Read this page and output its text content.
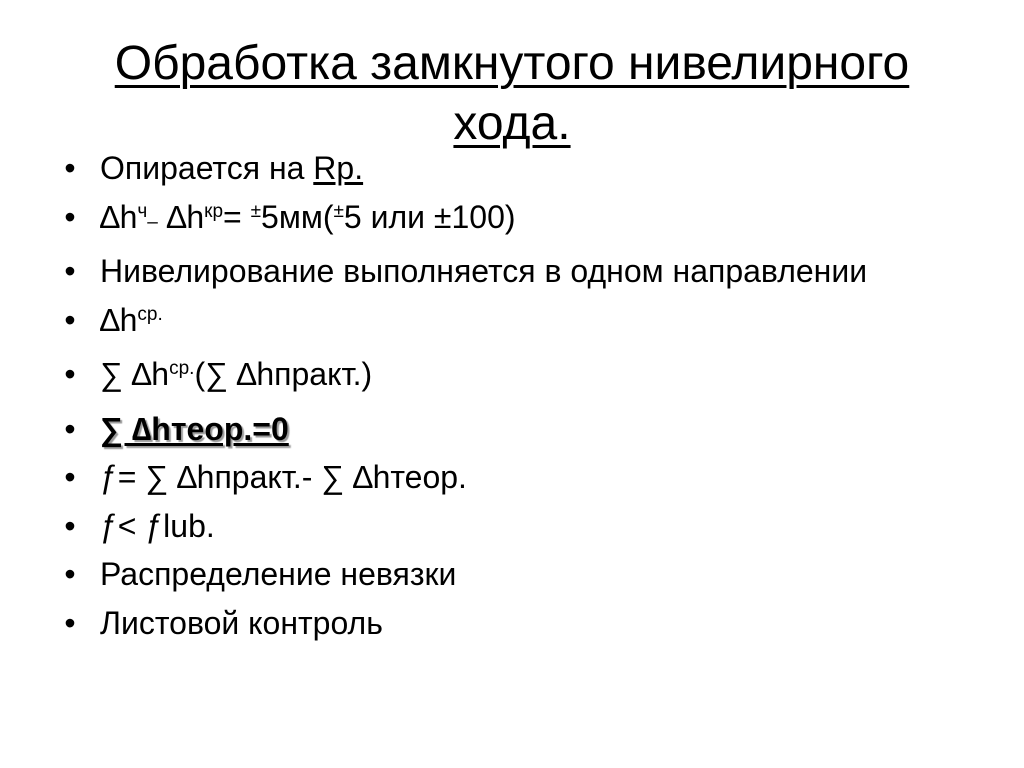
Обработка замкнутого нивелирного хода.
• Опирается на Rp.
• $\Delta h^ч-$ $\Delta h^{кр}= ^\pm 5мм(^\pm 5$ или ±100)
• Нивелирование выполняется в одном направлении
• $\Delta h^{ср.}$
• ∑ $\Delta h^{ср.}(\sum$ ∆hпракт.)
• ∑ ∆hтеор.=0
• ƒ= ∑ ∆hпракт.- ∑ ∆hтеор.
• ƒ< ƒlub.
• Распределение невязки
• Листовой контроль
